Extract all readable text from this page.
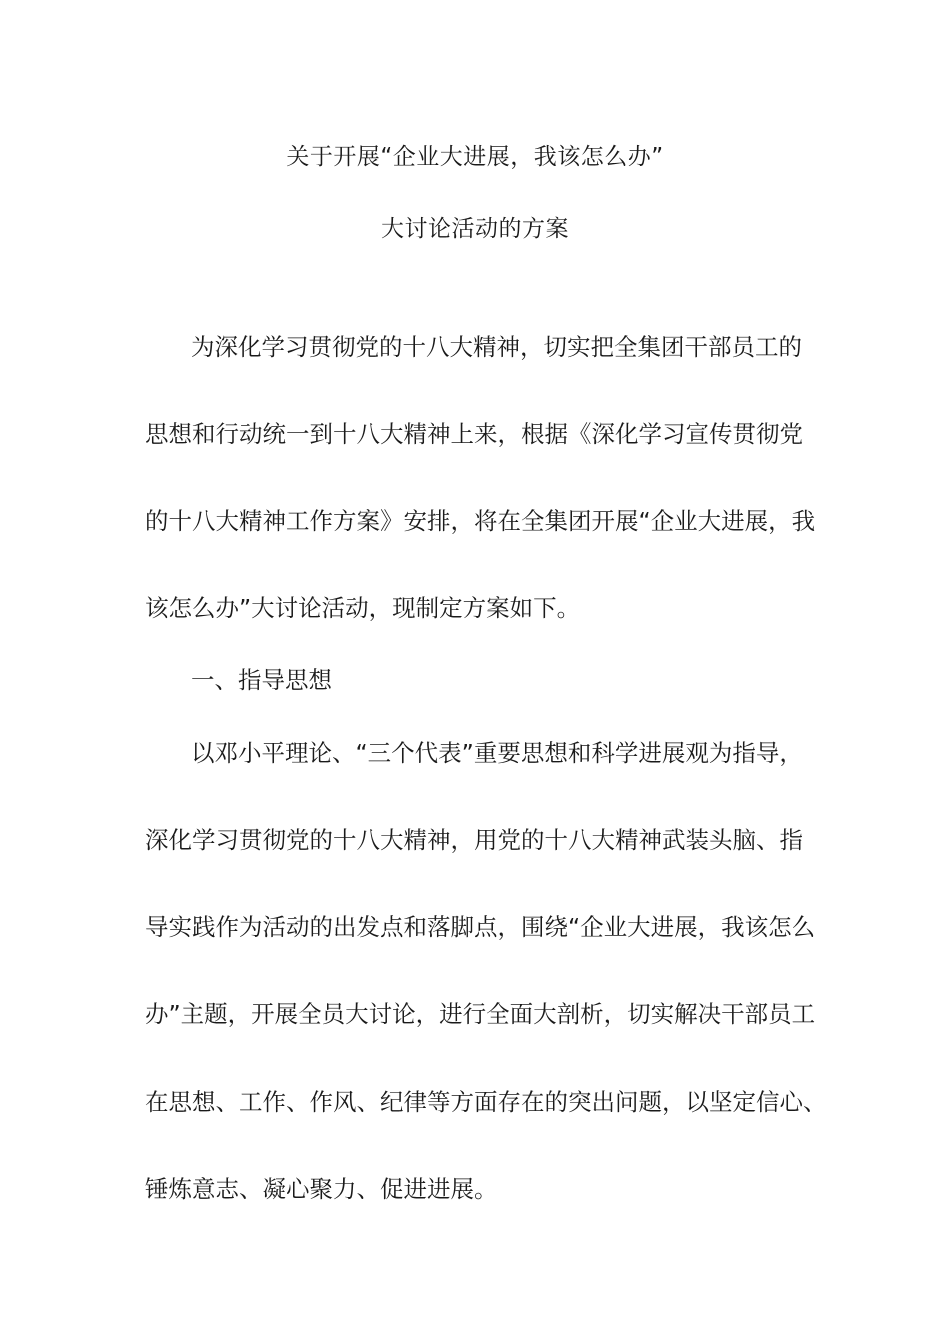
关于开展“企业大进展，我该怎么办”
大讨论活动的方案
为深化学习贯彻党的十八大精神，切实把全集团干部员工的
思想和行动统一到十八大精神上来，根据《深化学习宣传贯彻党
的十八大精神工作方案》安排，将在全集团开展“企业大进展，我
该怎么办”大讨论活动，现制定方案如下。
一、指导思想
以邓小平理论、“三个代表”重要思想和科学进展观为指导，
深化学习贯彻党的十八大精神，用党的十八大精神武装头脑、指
导实践作为活动的出发点和落脚点，围绕“企业大进展，我该怎么
办”主题，开展全员大讨论，进行全面大剖析，切实解决干部员工
在思想、工作、作风、纪律等方面存在的突出问题，以坚定信心、
锤炼意志、凝心聚力、促进进展。
